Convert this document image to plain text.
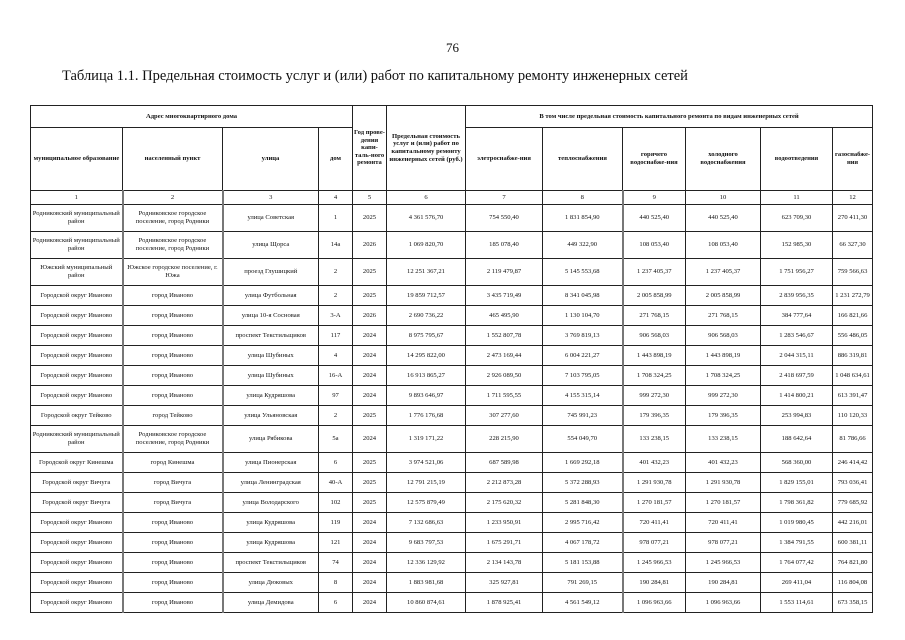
76
Таблица 1.1. Предельная стоимость услуг и (или) работ по капитальному ремонту инженерных сетей
Адрес многоквартирного дома				Год прове-дения капи-таль-ного ремонта	Предельная стоимость услуг и (или) работ по капитальному ремонту инженерных сетей (руб.)	В том числе предельная стоимость капитального ремонта по видам инженерных сетей					
муниципальное образование	населенный пункт	улица	дом			элетроснабже-ния	теплоснабжения	горячего водоснабже-ния	холодного водоснабжения	водоотведения	газоснабже-ния
1	2	3	4	5	6	7	8	9	10	11	12
Родниковский муниципальный район	Родниковское городское поселение, город Родники	улица Советская	1	2025	4 361 576,70	754 550,40	1 831 854,90	440 525,40	440 525,40	623 709,30	270 411,30
Родниковский муниципальный район	Родниковское городское поселение, город Родники	улица Щорса	14а	2026	1 069 820,70	185 078,40	449 322,90	108 053,40	108 053,40	152 985,30	66 327,30
Южский муниципальный район	Южское городское поселение, г. Южа	проезд Глушицкий	2	2025	12 251 367,21	2 119 479,87	5 145 553,68	1 237 405,37	1 237 405,37	1 751 956,27	759 566,63
Городской округ Иваново	город Иваново	улица Футбольная	2	2025	19 859 712,57	3 435 719,49	8 341 045,98	2 005 858,99	2 005 858,99	2 839 956,35	1 231 272,79
Городской округ Иваново	город Иваново	улица 10-я Сосновая	3-А	2026	2 690 736,22	465 495,90	1 130 104,70	271 768,15	271 768,15	384 777,64	166 821,66
Городской округ Иваново	город Иваново	проспект Текстильщиков	117	2024	8 975 795,67	1 552 807,78	3 769 819,13	906 568,03	906 568,03	1 283 546,67	556 486,05
Городской округ Иваново	город Иваново	улица Шубиных	4	2024	14 295 822,00	2 473 169,44	6 004 221,27	1 443 898,19	1 443 898,19	2 044 315,11	886 319,81
Городской округ Иваново	город Иваново	улица Шубиных	16-А	2024	16 913 865,27	2 926 089,50	7 103 795,05	1 708 324,25	1 708 324,25	2 418 697,59	1 048 634,61
Городской округ Иваново	город Иваново	улица Кудряшова	97	2024	9 893 646,97	1 711 595,55	4 155 315,14	999 272,30	999 272,30	1 414 800,21	613 391,47
Городской округ Тейково	город Тейково	улица Ульяновская	2	2025	1 776 176,68	307 277,60	745 991,23	179 396,35	179 396,35	253 994,83	110 120,33
Родниковский муниципальный район	Родниковское городское поселение, город Родники	улица Рябикова	5а	2024	1 319 171,22	228 215,90	554 049,70	133 238,15	133 238,15	188 642,64	81 786,66
Городской округ Кинешма	город Кинешма	улица Пионерская	6	2025	3 974 521,06	687 589,98	1 669 292,18	401 432,23	401 432,23	568 360,00	246 414,42
Городской округ Вичуга	город Вичуга	улица Ленинградская	40-А	2025	12 791 215,19	2 212 873,28	5 372 288,93	1 291 930,78	1 291 930,78	1 829 155,01	793 036,41
Городской округ Вичуга	город Вичуга	улица Володарского	102	2025	12 575 879,49	2 175 620,32	5 281 848,30	1 270 181,57	1 270 181,57	1 798 361,82	779 685,92
Городской округ Иваново	город Иваново	улица Кудряшова	119	2024	7 132 686,63	1 233 950,91	2 995 716,42	720 411,41	720 411,41	1 019 980,45	442 216,01
Городской округ Иваново	город Иваново	улица Кудряшова	121	2024	9 683 797,53	1 675 291,71	4 067 178,72	978 077,21	978 077,21	1 384 791,55	600 381,11
Городской округ Иваново	город Иваново	проспект Текстильщиков	74	2024	12 336 129,92	2 134 143,78	5 181 153,88	1 245 966,53	1 245 966,53	1 764 077,42	764 821,80
Городской округ Иваново	город Иваново	улица Дюковых	8	2024	1 883 981,68	325 927,81	791 269,15	190 284,81	190 284,81	269 411,04	116 804,08
Городской округ Иваново	город Иваново	улица Демидова	6	2024	10 860 874,61	1 878 925,41	4 561 549,12	1 096 963,66	1 096 963,66	1 553 114,61	673 358,15
